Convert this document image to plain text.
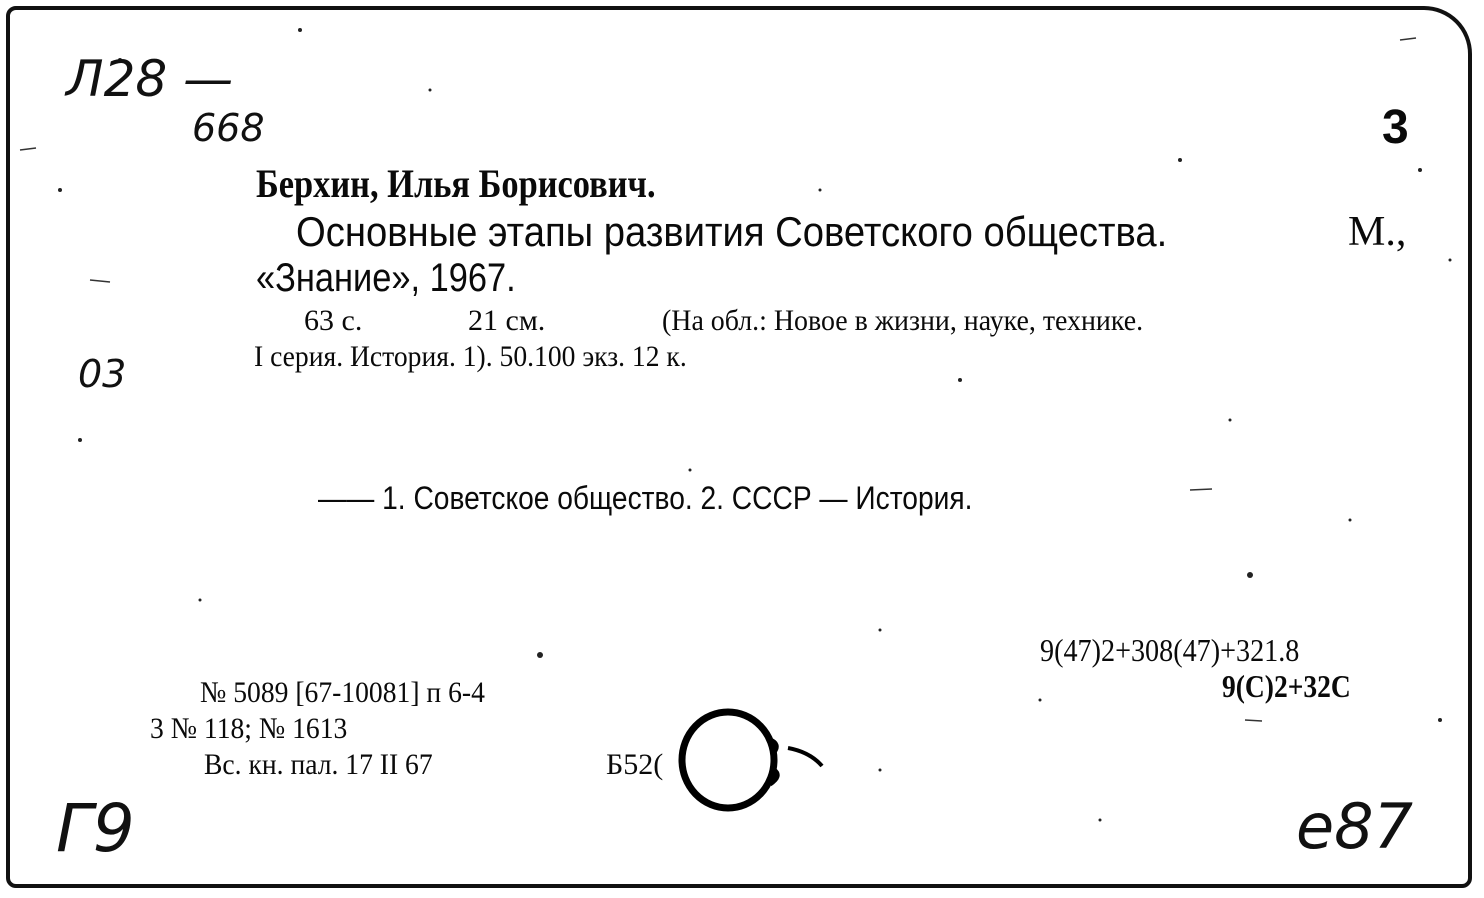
Л28 —
668
03
Г9	е87
3
Берхин, Илья Борисович.
Основные этапы развития Советского общества.	М.,
«Знание», 1967.
63 с.	21 см.	(На обл.: Новое в жизни, науке, технике.
I серия. История. 1). 50.100 экз. 12 к.
—— 1. Советское общество. 2. СССР — История.
9(47)2+308(47)+321.8
9(С)2+32С
№ 5089 [67-10081] п 6-4
3 № 118; № 1613
Вс. кн. пал. 17 II 67	Б52(
